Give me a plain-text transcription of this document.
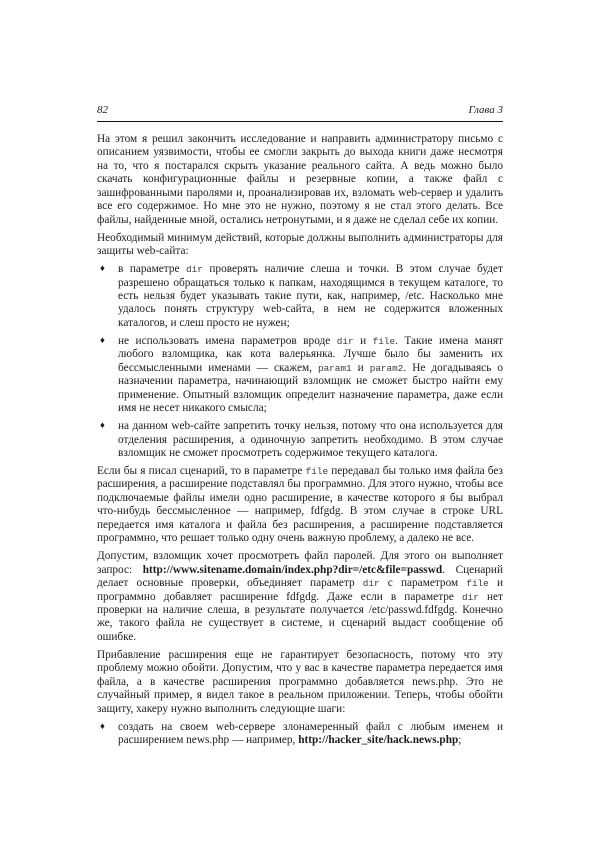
82	Глава 3

На этом я решил закончить исследование и направить администратору письмо с описанием уязвимости, чтобы ее смогли закрыть до выхода книги даже несмотря на то, что я постарался скрыть указание реального сайта. А ведь можно было скачать конфигурационные файлы и резервные копии, а также файл с зашифрованными паролями и, проанализировав их, взломать web-сервер и удалить все его содержимое. Но мне это не нужно, поэтому я не стал этого делать. Все файлы, найденные мной, остались нетронутыми, и я даже не сделал себе их копии.

Необходимый минимум действий, которые должны выполнить администраторы для защиты web-сайта:

♦	в параметре dir проверять наличие слеша и точки. В этом случае будет разрешено обращаться только к папкам, находящимся в текущем каталоге, то есть нельзя будет указывать такие пути, как, например, /etc. Насколько мне удалось понять структуру web-сайта, в нем не содержится вложенных каталогов, и слеш просто не нужен;
♦	не использовать имена параметров вроде dir и file. Такие имена манят любого взломщика, как кота валерьянка. Лучше было бы заменить их бессмысленными именами — скажем, param1 и param2. Не догадываясь о назначении параметра, начинающий взломщик не сможет быстро найти ему применение. Опытный взломщик определит назначение параметра, даже если имя не несет никакого смысла;
♦	на данном web-сайте запретить точку нельзя, потому что она используется для отделения расширения, а одиночную запретить необходимо. В этом случае взломщик не сможет просмотреть содержимое текущего каталога.

Если бы я писал сценарий, то в параметре file передавал бы только имя файла без расширения, а расширение подставлял бы программно. Для этого нужно, чтобы все подключаемые файлы имели одно расширение, в качестве которого я бы выбрал что-нибудь бессмысленное — например, fdfgdg. В этом случае в строке URL передается имя каталога и файла без расширения, а расширение подставляется программно, что решает только одну очень важную проблему, а далеко не все.

Допустим, взломщик хочет просмотреть файл паролей. Для этого он выполняет запрос: http://www.sitename.domain/index.php?dir=/etc&file=passwd. Сценарий делает основные проверки, объединяет параметр dir с параметром file и программно добавляет расширение fdfgdg. Даже если в параметре dir нет проверки на наличие слеша, в результате получается /etc/passwd.fdfgdg. Конечно же, такого файла не существует в системе, и сценарий выдаст сообщение об ошибке.

Прибавление расширения еще не гарантирует безопасность, потому что эту проблему можно обойти. Допустим, что у вас в качестве параметра передается имя файла, а в качестве расширения программно добавляется news.php. Это не случайный пример, я видел такое в реальном приложении. Теперь, чтобы обойти защиту, хакеру нужно выполнить следующие шаги:

♦	создать на своем web-сервере злонамеренный файл с любым именем и расширением news.php — например, http://hacker_site/hack.news.php;
